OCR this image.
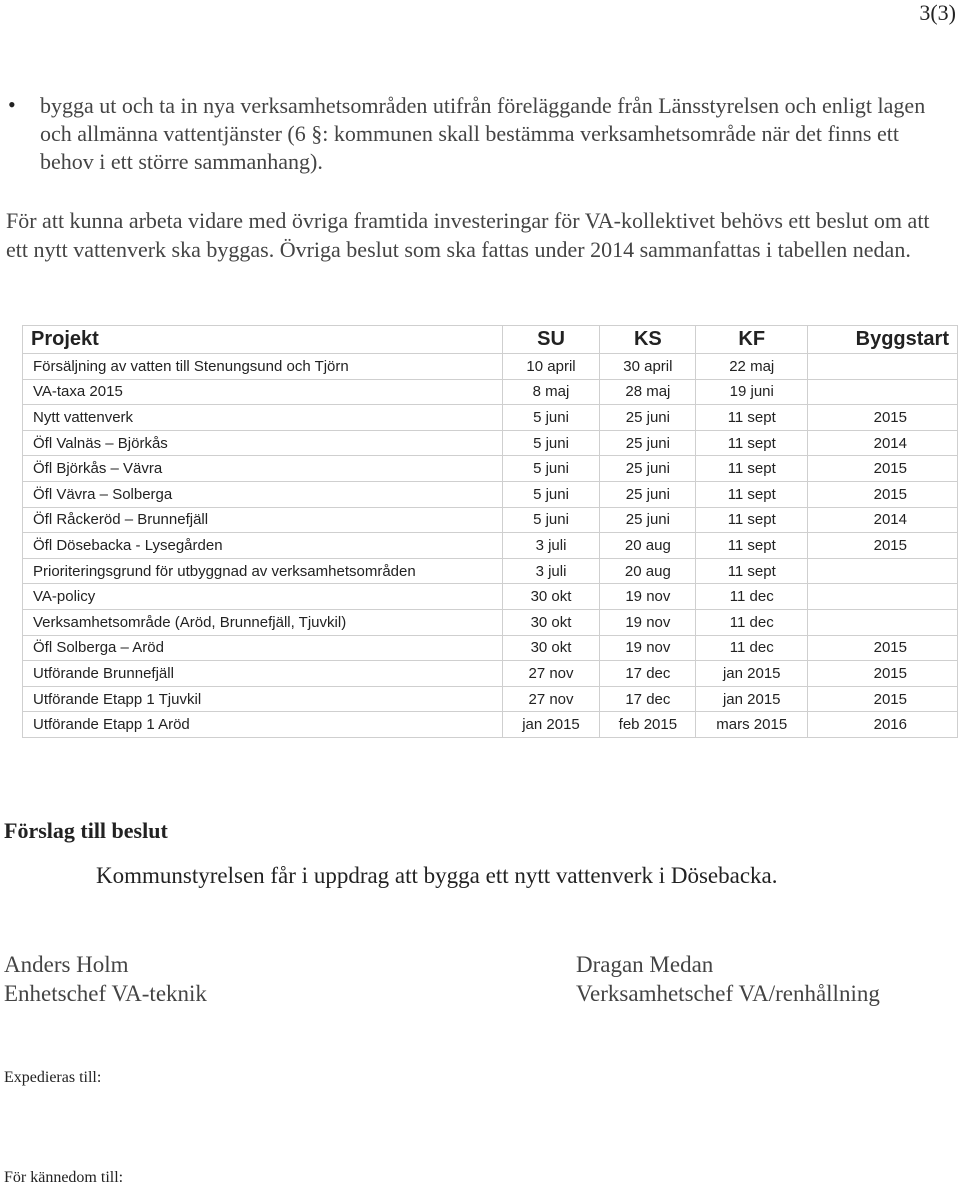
3(3)
• bygga ut och ta in nya verksamhetsområden utifrån föreläggande från Länsstyrelsen och enligt lagen och allmänna vattentjänster (6 §: kommunen skall bestämma verksamhetsområde när det finns ett behov i ett större sammanhang).
För att kunna arbeta vidare med övriga framtida investeringar för VA-kollektivet behövs ett beslut om att ett nytt vattenverk ska byggas. Övriga beslut som ska fattas under 2014 sammanfattas i tabellen nedan.
Projekt	SU	KS	KF	Byggstart
Försäljning av vatten till Stenungsund och Tjörn	10 april	30 april	22 maj	
VA-taxa 2015	8 maj	28 maj	19 juni	
Nytt vattenverk	5 juni	25 juni	11 sept	2015
Öfl Valnäs – Björkås	5 juni	25 juni	11 sept	2014
Öfl Björkås – Vävra	5 juni	25 juni	11 sept	2015
Öfl Vävra – Solberga	5 juni	25 juni	11 sept	2015
Öfl Råckeröd – Brunnefjäll	5 juni	25 juni	11 sept	2014
Öfl Dösebacka - Lysegården	3 juli	20 aug	11 sept	2015
Prioriteringsgrund för utbyggnad av verksamhetsområden	3 juli	20 aug	11 sept	
VA-policy	30 okt	19 nov	11 dec	
Verksamhetsområde (Aröd, Brunnefjäll, Tjuvkil)	30 okt	19 nov	11 dec	
Öfl Solberga – Aröd	30 okt	19 nov	11 dec	2015
Utförande Brunnefjäll	27 nov	17 dec	jan 2015	2015
Utförande Etapp 1 Tjuvkil	27 nov	17 dec	jan 2015	2015
Utförande Etapp 1 Aröd	jan 2015	feb 2015	mars 2015	2016
Förslag till beslut
Kommunstyrelsen får i uppdrag att bygga ett nytt vattenverk i Dösebacka.
Anders Holm
Enhetschef VA-teknik
Dragan Medan
Verksamhetschef VA/renhållning
Expedieras till:
För kännedom till:
